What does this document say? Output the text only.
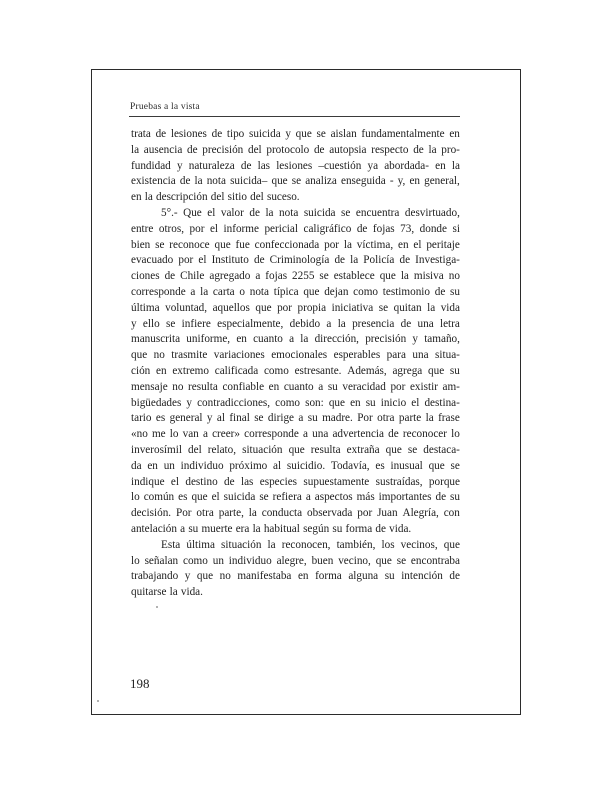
Pruebas a la vista
trata de lesiones de tipo suicida y que se aislan fundamentalmente en
la ausencia de precisión del protocolo de autopsia respecto de la pro-
fundidad y naturaleza de las lesiones –cuestión ya abordada- en la
existencia de la nota suicida– que se analiza enseguida - y, en general,
en la descripción del sitio del suceso.
5°.- Que el valor de la nota suicida se encuentra desvirtuado,
entre otros, por el informe pericial caligráfico de fojas 73, donde si
bien se reconoce que fue confeccionada por la víctima, en el peritaje
evacuado por el Instituto de Criminología de la Policía de Investiga-
ciones de Chile agregado a fojas 2255 se establece que la misiva no
corresponde a la carta o nota típica que dejan como testimonio de su
última voluntad, aquellos que por propia iniciativa se quitan la vida
y ello se infiere especialmente, debido a la presencia de una letra
manuscrita uniforme, en cuanto a la dirección, precisión y tamaño,
que no trasmite variaciones emocionales esperables para una situa-
ción en extremo calificada como estresante. Además, agrega que su
mensaje no resulta confiable en cuanto a su veracidad por existir am-
bigüedades y contradicciones, como son: que en su inicio el destina-
tario es general y al final se dirige a su madre. Por otra parte la frase
«no me lo van a creer» corresponde a una advertencia de reconocer lo
inverosímil del relato, situación que resulta extraña que se destaca-
da en un individuo próximo al suicidio. Todavía, es inusual que se
indique el destino de las especies supuestamente sustraídas, porque
lo común es que el suicida se refiera a aspectos más importantes de su
decisión. Por otra parte, la conducta observada por Juan Alegría, con
antelación a su muerte era la habitual según su forma de vida.
Esta última situación la reconocen, también, los vecinos, que
lo señalan como un individuo alegre, buen vecino, que se encontraba
trabajando y que no manifestaba en forma alguna su intención de
quitarse la vida.
198
